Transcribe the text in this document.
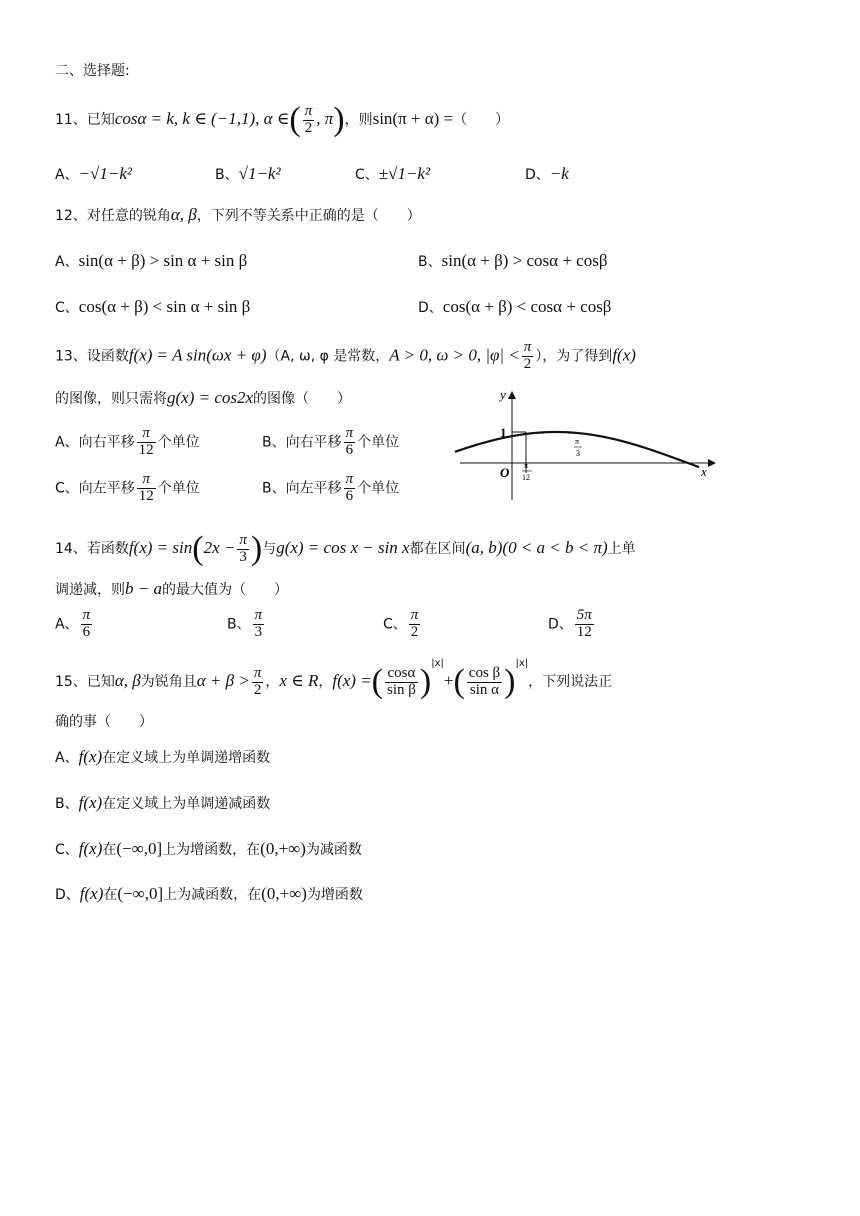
二、选择题:
11、已知cosα = k, k ∈ (−1,1), α ∈( $\frac{\pi}{2}$ , π)，则sin(π + α) =（　　）
A、−√1−k²	B、√1−k²	C、±√1−k²	D、−k
12、对任意的锐角α, β，下列不等关系中正确的是（　　）
A、sin(α + β) > sin α + sin β	B、sin(α + β) > cosα + cosβ
C、cos(α + β) < sin α + sin β	D、cos(α + β) < cosα + cosβ
13、设函数f(x) = A sin(ωx + φ)（A, ω, φ 是常数，A > 0, ω > 0, $|\varphi| < \frac{\pi}{2}$ ），为了得到f(x)
的图像，则只需将g(x) = cos2x的图像（　　）
A、向右平移 $\frac{\pi}{12}$ 个单位	B、向右平移 $\frac{\pi}{6}$ 个单位
C、向左平移 $\frac{\pi}{12}$ 个单位	B、向左平移 $\frac{\pi}{6}$ 个单位
y
x
1
O π
12
π
3
14、若函数$f(x) = \sin(2x - \frac{\pi}{3}$ )与g(x) = cos x − sin x都在区间(a, b)(0 < a < b < π)上单
调递减，则b − a的最大值为（　　）
A、 $\frac{\pi}{6}$	B、 $\frac{\pi}{3}$	C、 $\frac{\pi}{2}$	D、 $\frac{5\pi}{12}$
15、已知α, β为锐角且$\alpha + \beta > \frac{\pi}{2}$ ，x ∈ R，f(x) =( $\frac{\cos\alpha}{\text{sin β}} )^{|x|}+( \frac{\text{cos β}}{\text{sin α}} )^{|x|}$，下列说法正
确的事（　　）
A、f(x)在定义域上为单调递增函数
B、f(x)在定义域上为单调递减函数
C、f(x)在(−∞,0]上为增函数，在(0,+∞)为减函数
D、f(x)在(−∞,0]上为减函数，在(0,+∞)为增函数
